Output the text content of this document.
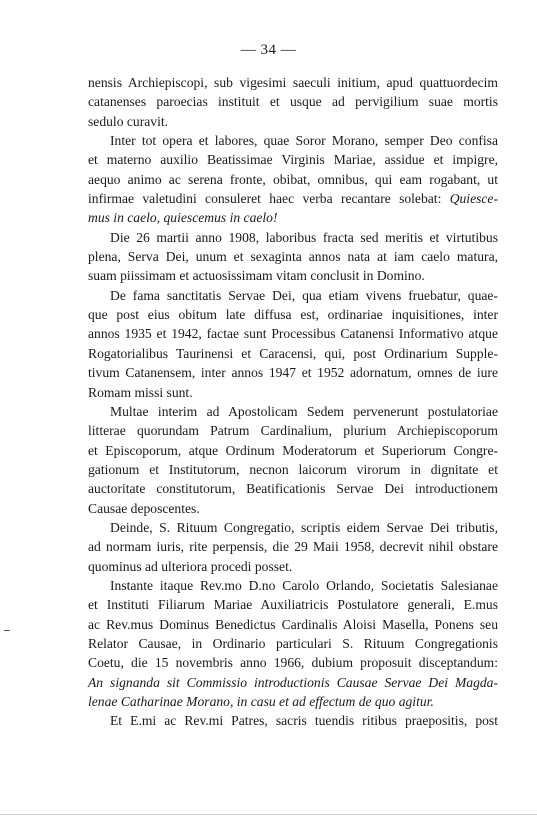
— 34 —

nensis Archiepiscopi, sub vigesimi saeculi initium, apud quattuordecim
catanenses paroecias instituit et usque ad pervigilium suae mortis
sedulo curavit.

Inter tot opera et labores, quae Soror Morano, semper Deo confisa
et materno auxilio Beatissimae Virginis Mariae, assidue et impigre,
aequo animo ac serena fronte, obibat, omnibus, qui eam rogabant, ut
infirmae valetudini consuleret haec verba recantare solebat: Quiesce-
mus in caelo, quiescemus in caelo!

Die 26 martii anno 1908, laboribus fracta sed meritis et virtutibus
plena, Serva Dei, unum et sexaginta annos nata at iam caelo matura,
suam piissimam et actuosissimam vitam conclusit in Domino.

De fama sanctitatis Servae Dei, qua etiam vivens fruebatur, quae-
que post eius obitum late diffusa est, ordinariae inquisitiones, inter
annos 1935 et 1942, factae sunt Processibus Catanensi Informativo atque
Rogatorialibus Taurinensi et Caracensi, qui, post Ordinarium Supple-
tivum Catanensem, inter annos 1947 et 1952 adornatum, omnes de iure
Romam missi sunt.

Multae interim ad Apostolicam Sedem pervenerunt postulatoriae
litterae quorundam Patrum Cardinalium, plurium Archiepiscoporum
et Episcoporum, atque Ordinum Moderatorum et Superiorum Congre-
gationum et Institutorum, necnon laicorum virorum in dignitate et
auctoritate constitutorum, Beatificationis Servae Dei introductionem
Causae deposcentes.

Deinde, S. Rituum Congregatio, scriptis eidem Servae Dei tributis,
ad normam iuris, rite perpensis, die 29 Maii 1958, decrevit nihil obstare
quominus ad ulteriora procedi posset.

Instante itaque Rev.mo D.no Carolo Orlando, Societatis Salesianae
et Instituti Filiarum Mariae Auxiliatricis Postulatore generali, E.mus
ac Rev.mus Dominus Benedictus Cardinalis Aloisi Masella, Ponens seu
Relator Causae, in Ordinario particulari S. Rituum Congregationis
Coetu, die 15 novembris anno 1966, dubium proposuit disceptandum:
An signanda sit Commissio introductionis Causae Servae Dei Magda-
lenae Catharinae Morano, in casu et ad effectum de quo agitur.

Et E.mi ac Rev.mi Patres, sacris tuendis ritibus praepositis, post
